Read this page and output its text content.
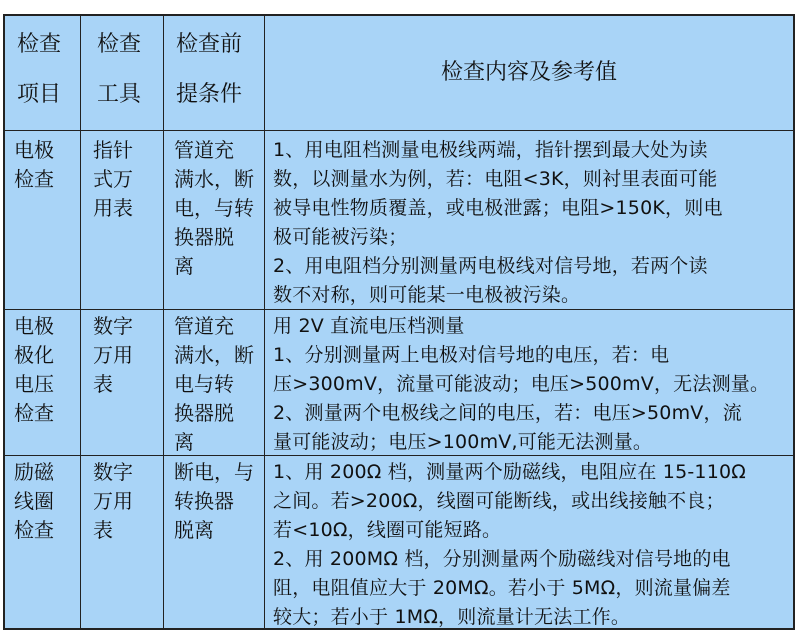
检查
项目
检查
工具
检查前
提条件
检查内容及参考值
电极
检查
指针
式万
用表
管道充
满水，断
电，与转
换器脱
离
1、用电阻档测量电极线两端，指针摆到最大处为读
数，以测量水为例，若：电阻<3K，则衬里表面可能
被导电性物质覆盖，或电极泄露；电阻>150K，则电
极可能被污染；
2、用电阻档分别测量两电极线对信号地，若两个读
数不对称，则可能某一电极被污染。
电极
极化
电压
检查
数字
万用
表
管道充
满水，断
电与转
换器脱
离
用 2V 直流电压档测量
1、分别测量两上电极对信号地的电压，若：电
压>300mV，流量可能波动；电压>500mV，无法测量。
2、测量两个电极线之间的电压，若：电压>50mV，流
量可能波动；电压>100mV,可能无法测量。
励磁
线圈
检查
数字
万用
表
断电，与
转换器
脱离
1、用 200Ω 档，测量两个励磁线，电阻应在 15-110Ω
之间。若>200Ω，线圈可能断线，或出线接触不良；
若<10Ω，线圈可能短路。
2、用 200MΩ 档，分别测量两个励磁线对信号地的电
阻，电阻值应大于 20MΩ。若小于 5MΩ，则流量偏差
较大；若小于 1MΩ，则流量计无法工作。
